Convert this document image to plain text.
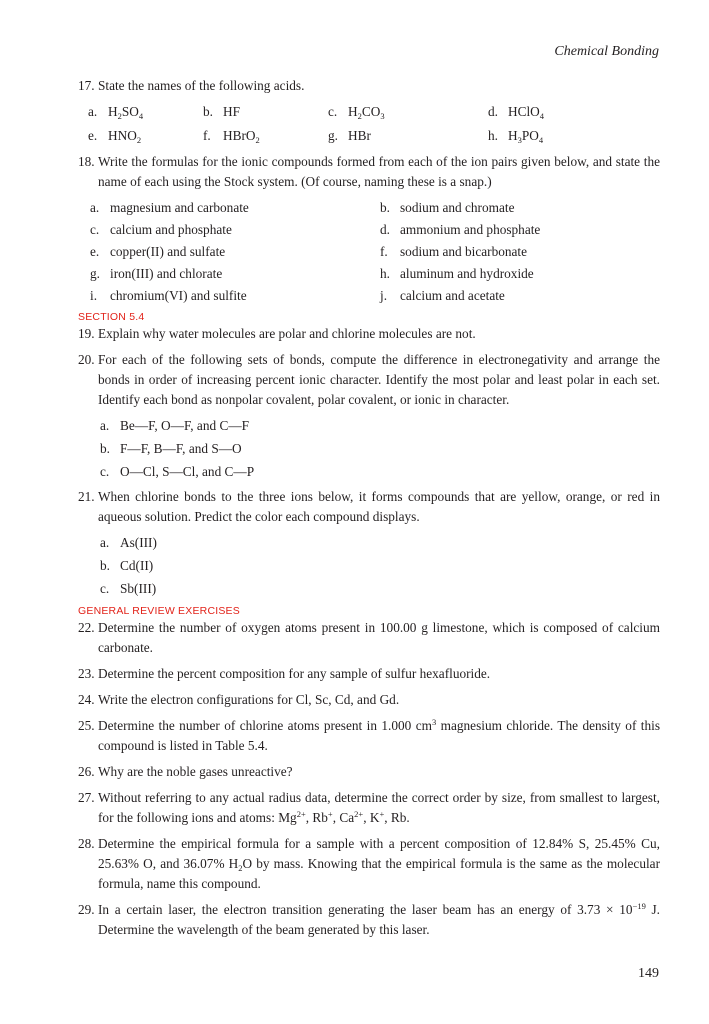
Chemical Bonding
17. State the names of the following acids.
a. $H_2SO_4$	b. HF	c. $H_2CO_3$	d. HClO$_4$
e. $HNO_2$	f. HBrO$_2$	g. HBr	h. $H_3PO_4$
18. Write the formulas for the ionic compounds formed from each of the ion pairs given below, and state the name of each using the Stock system. (Of course, naming these is a snap.)
a. magnesium and carbonate	b. sodium and chromate
c. calcium and phosphate	d. ammonium and phosphate
e. copper(II) and sulfate	f. sodium and bicarbonate
g. iron(III) and chlorate	h. aluminum and hydroxide
i. chromium(VI) and sulfite	j. calcium and acetate
SECTION 5.4
19. Explain why water molecules are polar and chlorine molecules are not.
20. For each of the following sets of bonds, compute the difference in electronegativity and arrange the bonds in order of increasing percent ionic character. Identify the most polar and least polar in each set. Identify each bond as nonpolar covalent, polar covalent, or ionic in character.
a. Be—F, O—F, and C—F
b. F—F, B—F, and S—O
c. O—Cl, S—Cl, and C—P
21. When chlorine bonds to the three ions below, it forms compounds that are yellow, orange, or red in aqueous solution. Predict the color each compound displays.
a. As(III)
b. Cd(II)
c. Sb(III)
GENERAL REVIEW EXERCISES
22. Determine the number of oxygen atoms present in 100.00 g limestone, which is composed of calcium carbonate.
23. Determine the percent composition for any sample of sulfur hexafluoride.
24. Write the electron configurations for Cl, Sc, Cd, and Gd.
25. Determine the number of chlorine atoms present in 1.000 $cm^3$ magnesium chloride. The density of this compound is listed in Table 5.4.
26. Why are the noble gases unreactive?
27. Without referring to any actual radius data, determine the correct order by size, from smallest to largest, for the following ions and atoms: $Mg^{2+}$, Rb+, $Ca^{2+}$, K+, Rb.
28. Determine the empirical formula for a sample with a percent composition of 12.84% S, 25.45% Cu, 25.63% O, and 36.07% $H_2O$ by mass. Knowing that the empirical formula is the same as the molecular formula, name this compound.
29. In a certain laser, the electron transition generating the laser beam has an energy of $3.73 \times 10^{-19}$ J. Determine the wavelength of the beam generated by this laser.
149
